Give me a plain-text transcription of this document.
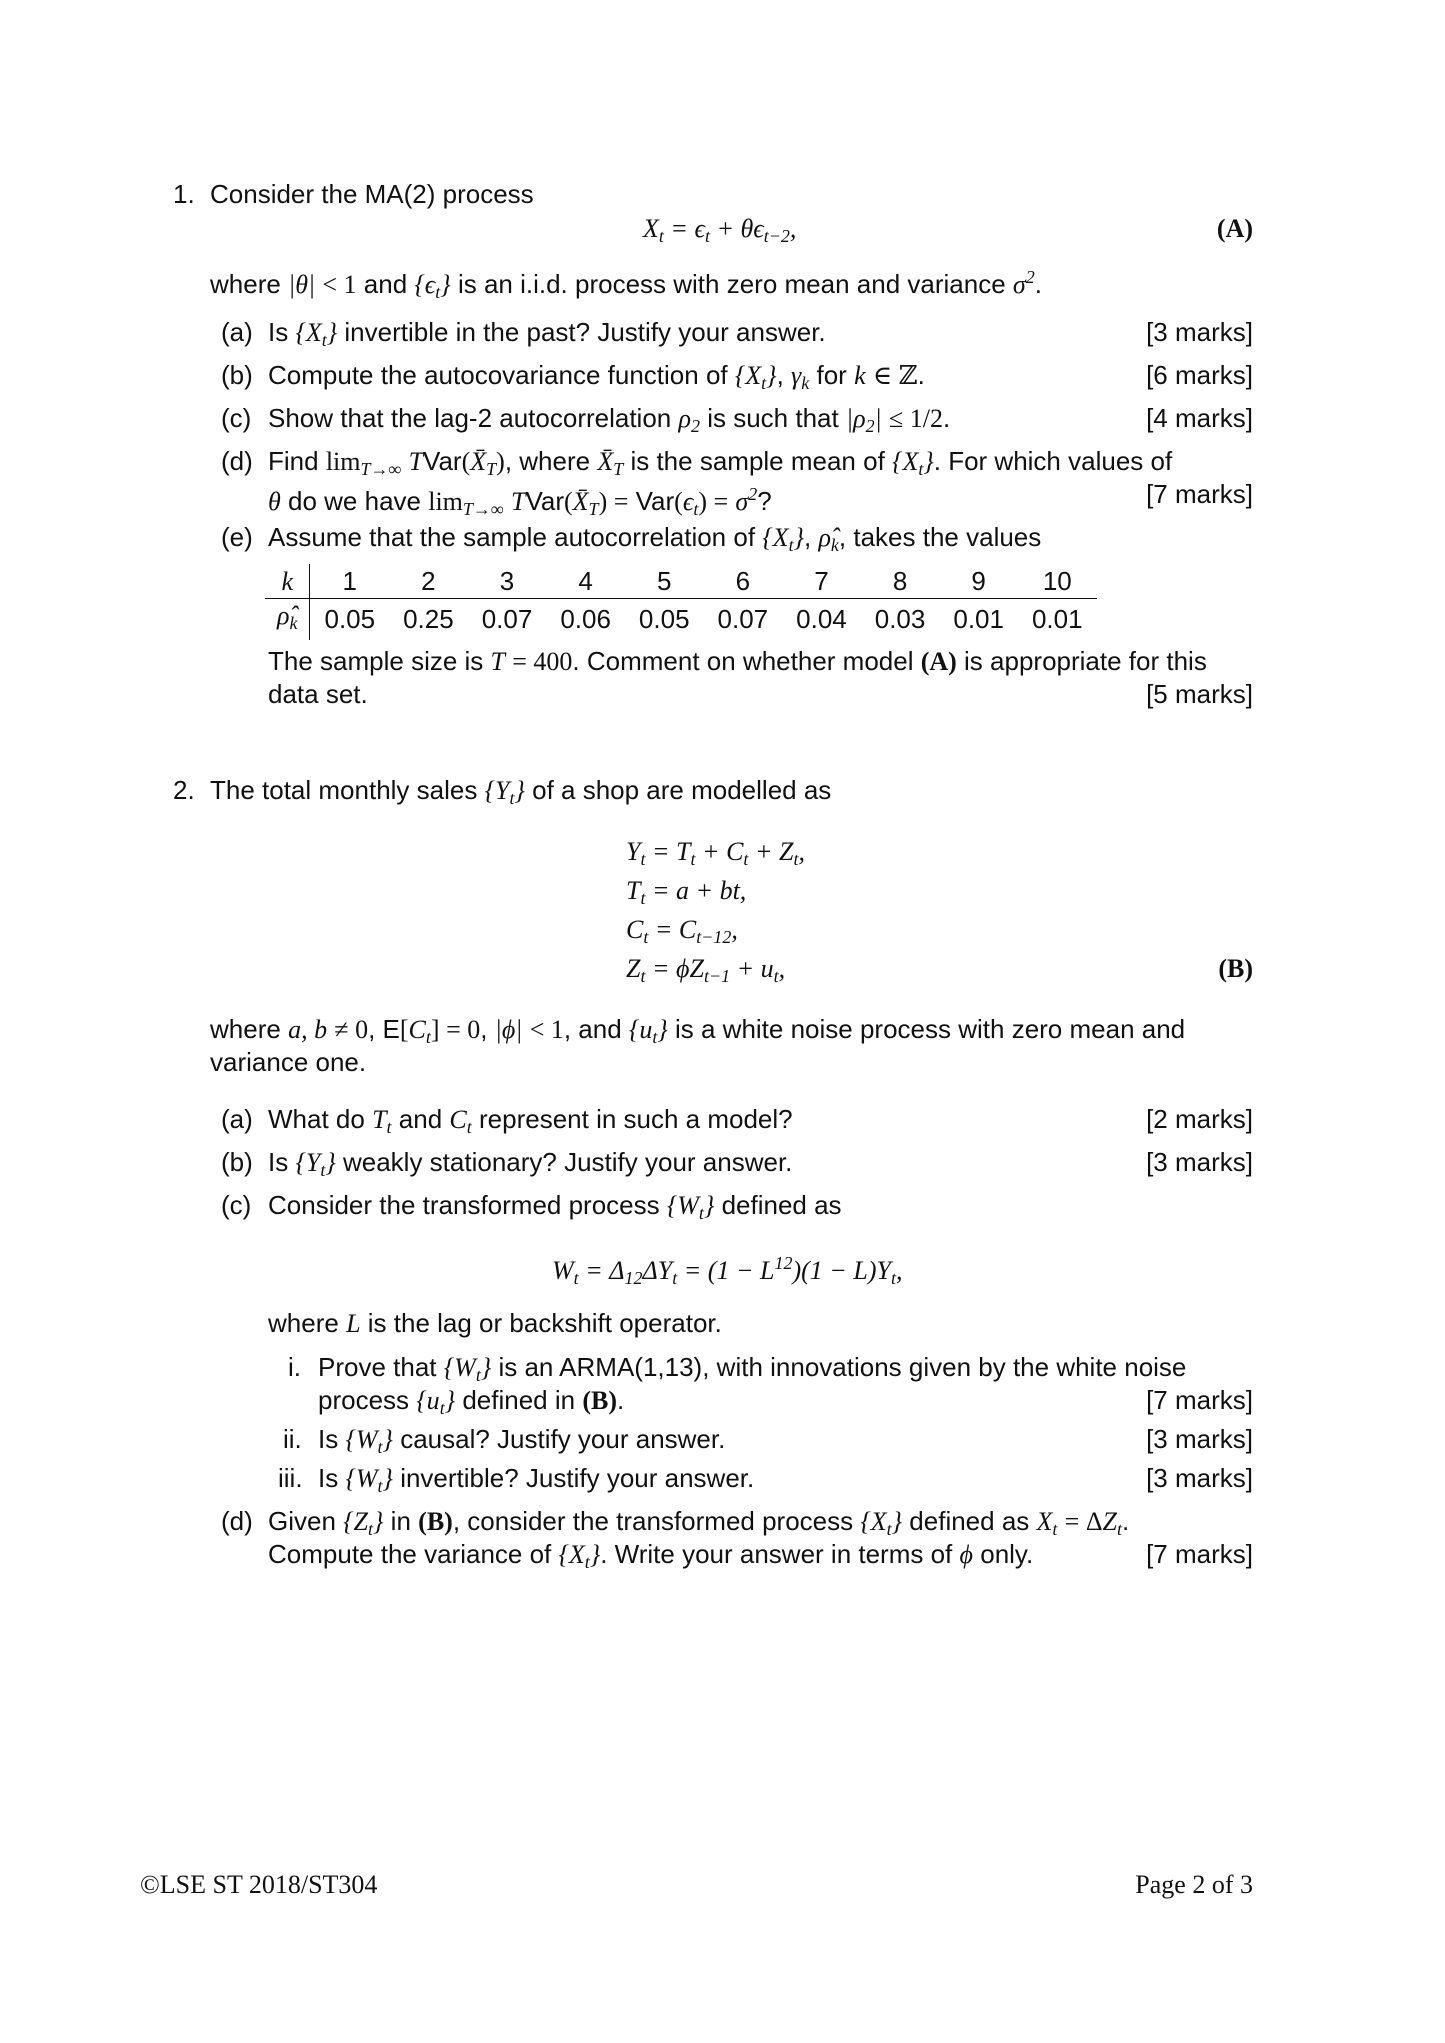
1. Consider the MA(2) process
$X_t = \epsilon_t + \theta\epsilon_{t-2}$,	(A)
where |θ| < 1 and $\{\epsilon_t\}$ is an i.i.d. process with zero mean and variance $\sigma^2$.
(a) Is $\{X_t\}$ invertible in the past? Justify your answer.	[3 marks]
(b) Compute the autocovariance function of $\{X_t\}$, $\gamma_k$ for k ∈ ℤ.	[6 marks]
(c) Show that the lag-2 autocorrelation $\rho_2$ is such that $|\rho_2| \le 1/2$.	[4 marks]
(d) Find $\lim_{T\to\infty}$ $TVar(X̄_T)$, where $X̄_T$ is the sample mean of $\{X_t\}$. For which values of
θ do we have $\lim_{T\to\infty}$ $TVar(X̄_T) = Var(\epsilon_t) = \sigma^2$?	[7 marks]
(e) Assume that the sample autocorrelation of $\{X_t\}$, $\rhô_k$, takes the values
k	1	2	3	4	5	6	7	8	9	10
$\rhô_k$	0.05	0.25	0.07	0.06	0.05	0.07	0.04	0.03	0.01	0.01
The sample size is T = 400. Comment on whether model (A) is appropriate for this
data set.	[5 marks]
2. The total monthly sales $\{Y_t\}$ of a shop are modelled as
$Y_t = T_t + C_t + Z_t$,
$T_t = a$ + bt,
$C_t = C_{t-12}$,
$Z_t = \phi Z_{t-1} + u_t$,	(B)
where a, b ≠ 0, $E[C_t] = 0$, |ϕ| < 1, and $\{u_t\}$ is a white noise process with zero mean and
variance one.
(a) What do $T_t$ and $C_t$ represent in such a model?	[2 marks]
(b) Is $\{Y_t\}$ weakly stationary? Justify your answer.	[3 marks]
(c) Consider the transformed process $\{W_t\}$ defined as
$W_t = \Delta_{12}\Delta Y_t = (1 - L^{12})(1 - L)Y_t$,
where L is the lag or backshift operator.
i. Prove that $\{W_t\}$ is an ARMA(1,13), with innovations given by the white noise
process $\{u_t\}$ defined in (B).	[7 marks]
ii. Is $\{W_t\}$ causal? Justify your answer.	[3 marks]
iii. Is $\{W_t\}$ invertible? Justify your answer.	[3 marks]
(d) Given $\{Z_t\}$ in (B), consider the transformed process $\{X_t\}$ defined as $X_t = \Delta Z_t$.
Compute the variance of $\{X_t\}$. Write your answer in terms of ϕ only.	[7 marks]
©LSE ST 2018/ST304	Page 2 of 3
